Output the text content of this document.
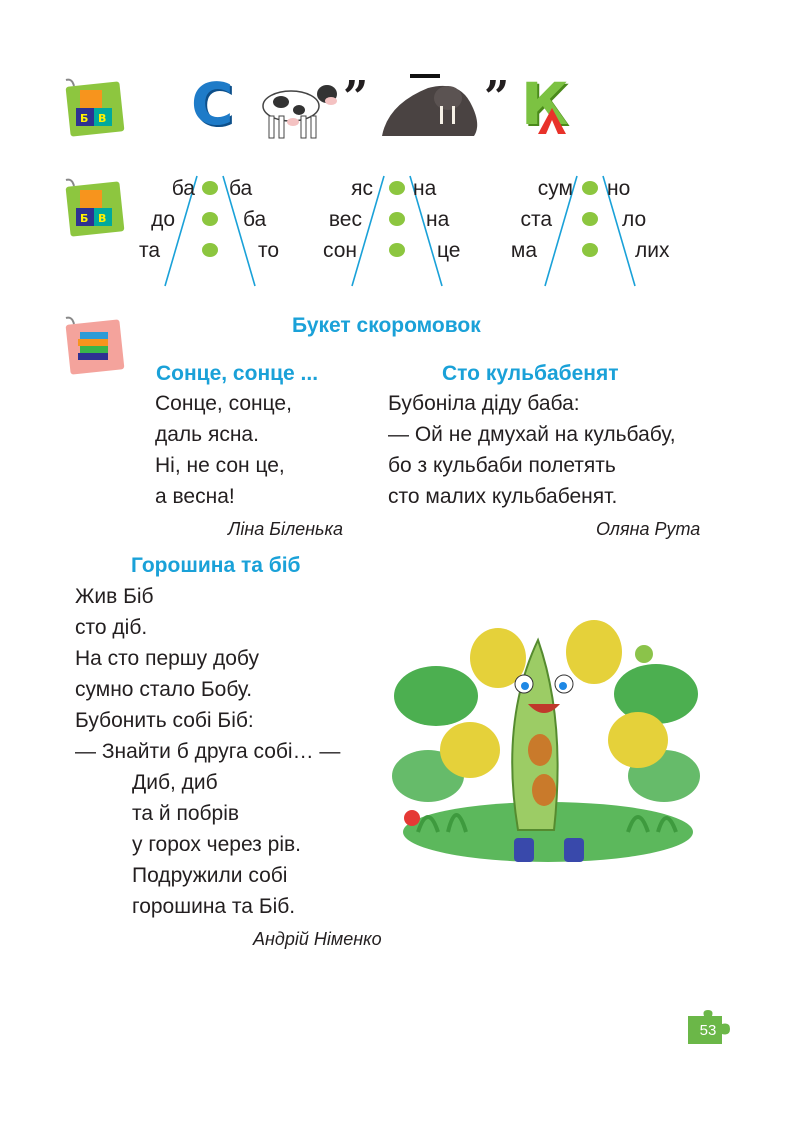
Б В С ”	” К
Б В
ба
до
та
ба
ба
то
яс
вес
сон
на
на
це
сум
ста
ма
но
ло
лих
Букет скоромовок
Сонце, сонце ...
Сонце, сонце,
даль ясна.
Ні, не сон це,
а весна!
Ліна Біленька
Сто кульбабенят
Бубоніла діду баба:
— Ой не дмухай на кульбабу,
бо з кульбаби полетять
сто малих кульбабенят.
Оляна Рута
Горошина та біб
Жив Біб
сто діб.
На сто першу добу
сумно стало Бобу.
Бубонить собі Біб:
— Знайти б друга собі… —
Диб, диб
та й побрів
у горох через рів.
Подружили собі
горошина та Біб.
Андрій Німенко
53
